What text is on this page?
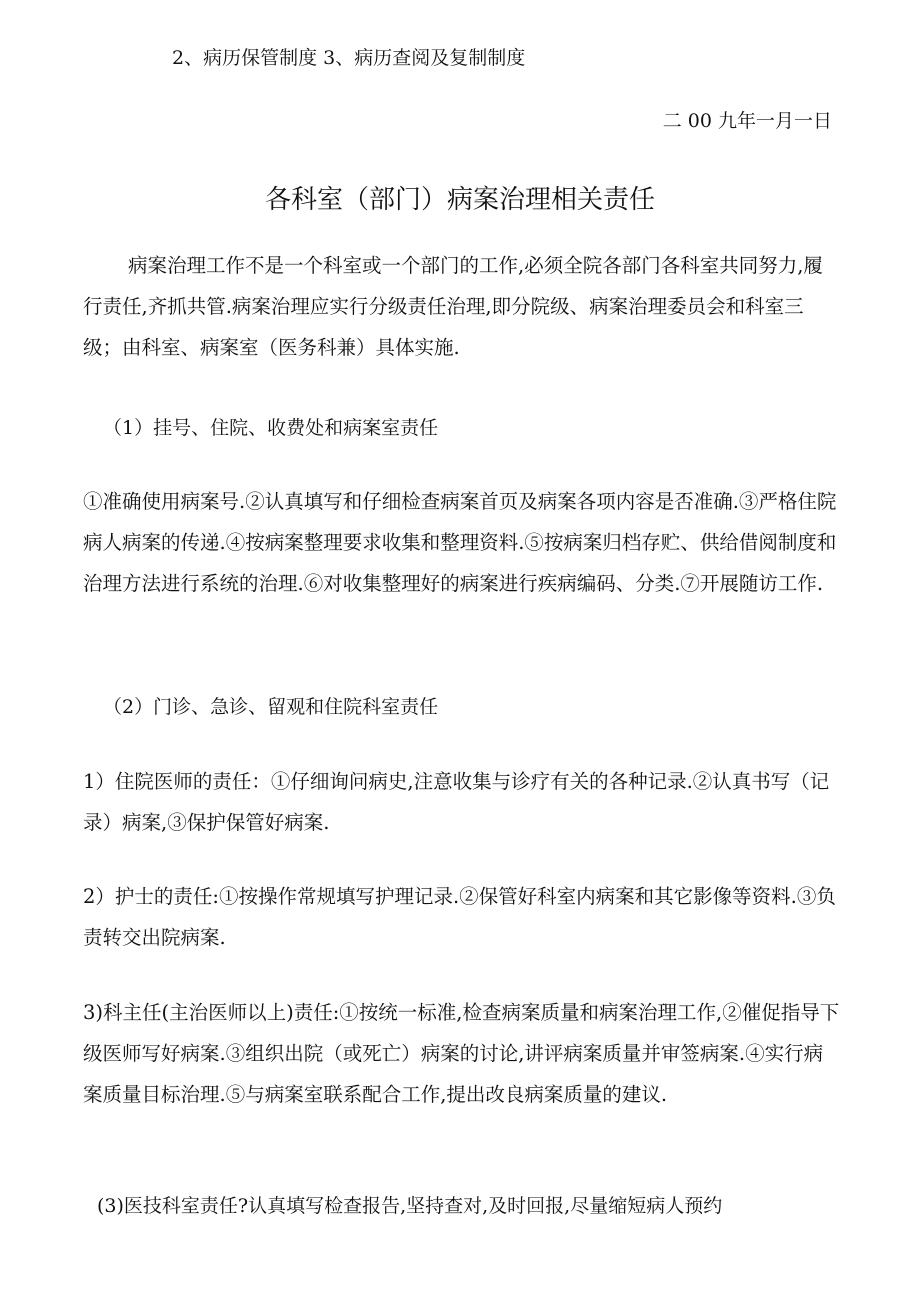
2、病历保管制度 3、病历查阅及复制制度

二 00 九年一月一日

各科室（部门）病案治理相关责任

病案治理工作不是一个科室或一个部门的工作,必须全院各部门各科室共同努力,履行责任,齐抓共管.病案治理应实行分级责任治理,即分院级、病案治理委员会和科室三级；由科室、病案室（医务科兼）具体实施.

（1）挂号、住院、收费处和病案室责任

①准确使用病案号.②认真填写和仔细检查病案首页及病案各项内容是否准确.③严格住院病人病案的传递.④按病案整理要求收集和整理资料.⑤按病案归档存贮、供给借阅制度和治理方法进行系统的治理.⑥对收集整理好的病案进行疾病编码、分类.⑦开展随访工作.

（2）门诊、急诊、留观和住院科室责任

1）住院医师的责任：①仔细询问病史,注意收集与诊疗有关的各种记录.②认真书写（记录）病案,③保护保管好病案.

2）护士的责任:①按操作常规填写护理记录.②保管好科室内病案和其它影像等资料.③负责转交出院病案.

3)科主任(主治医师以上)责任:①按统一标准,检查病案质量和病案治理工作,②催促指导下级医师写好病案.③组织出院（或死亡）病案的讨论,讲评病案质量并审签病案.④实行病案质量目标治理.⑤与病案室联系配合工作,提出改良病案质量的建议.

(3)医技科室责任?认真填写检查报告,坚持查对,及时回报,尽量缩短病人预约
